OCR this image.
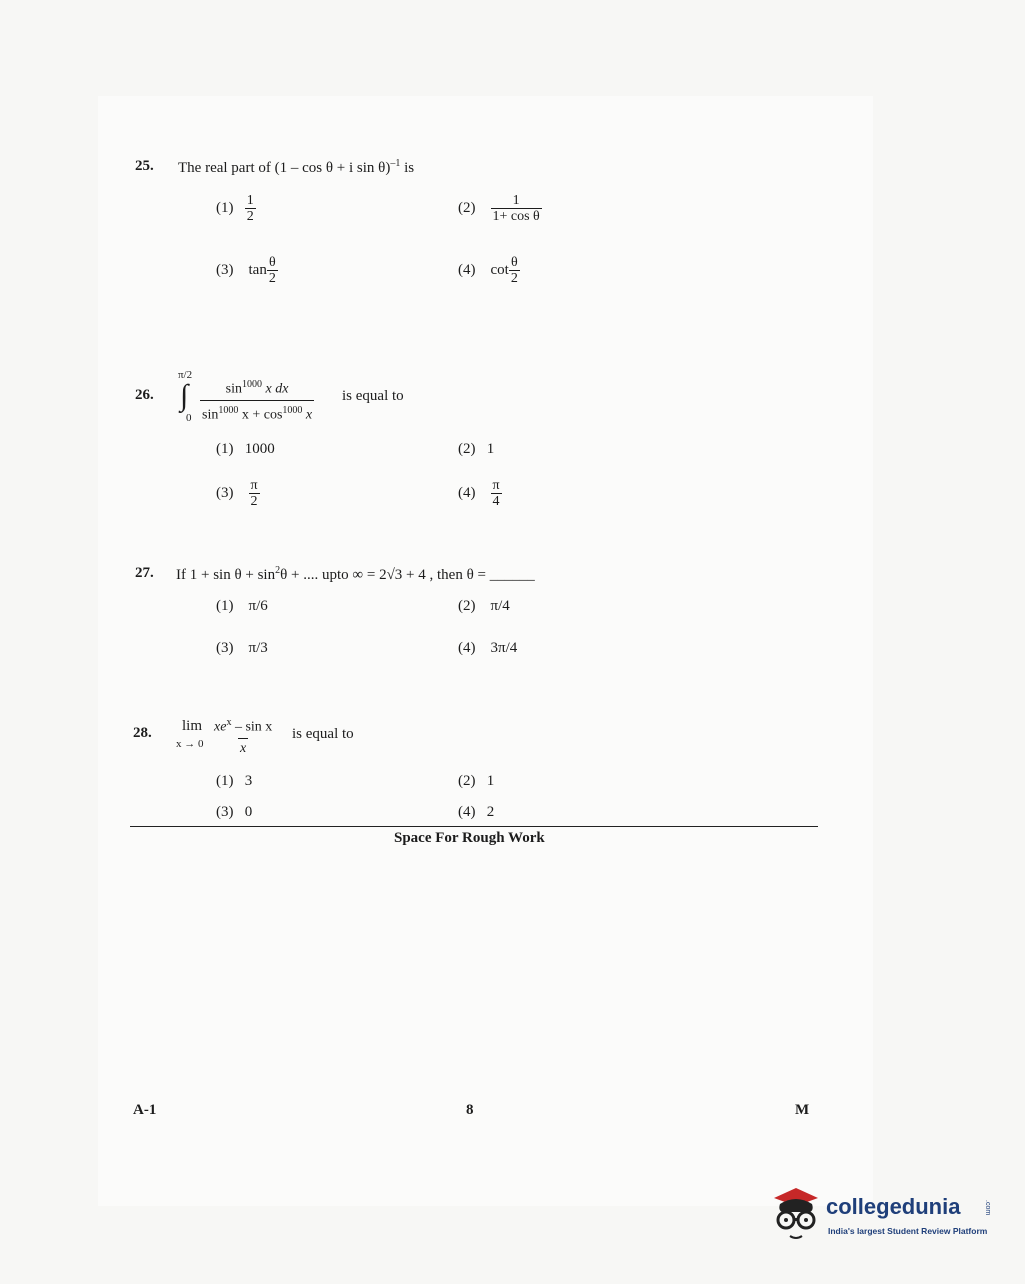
25. The real part of (1 – cos θ + i sin θ)$^{-1}$ is
$(1) \frac{1}{2}$	$(2) \frac{1}{\text{1+ cos θ}}$
(3) $\tan \frac{\theta}{2}$	(4) $\cot \frac{\theta}{2}$
26.
π/2
∫
$0 \frac{\sin^{1000} x dx}{\sin^{1000} x + \cos^{1000} x}$ is equal to
(1) 1000	(2) 1
$(3) \frac{\pi}{2}$	$(4) \frac{\pi}{4}$
27. If $1 + \sin \theta + \sin^2\theta$ + .... upto ∞ = 2√3 + 4 , then θ = ______
(1) π/6	(2) π/4
(3) π/3	(4) 3π/4
28. lim
x → 0
$xe^x$ – sin x
x
is equal to
(1) 3	(2) 1
(3) 0	(4) 2
Space For Rough Work
A-1	8	M
collegedunia	.com
India's largest Student Review Platform
